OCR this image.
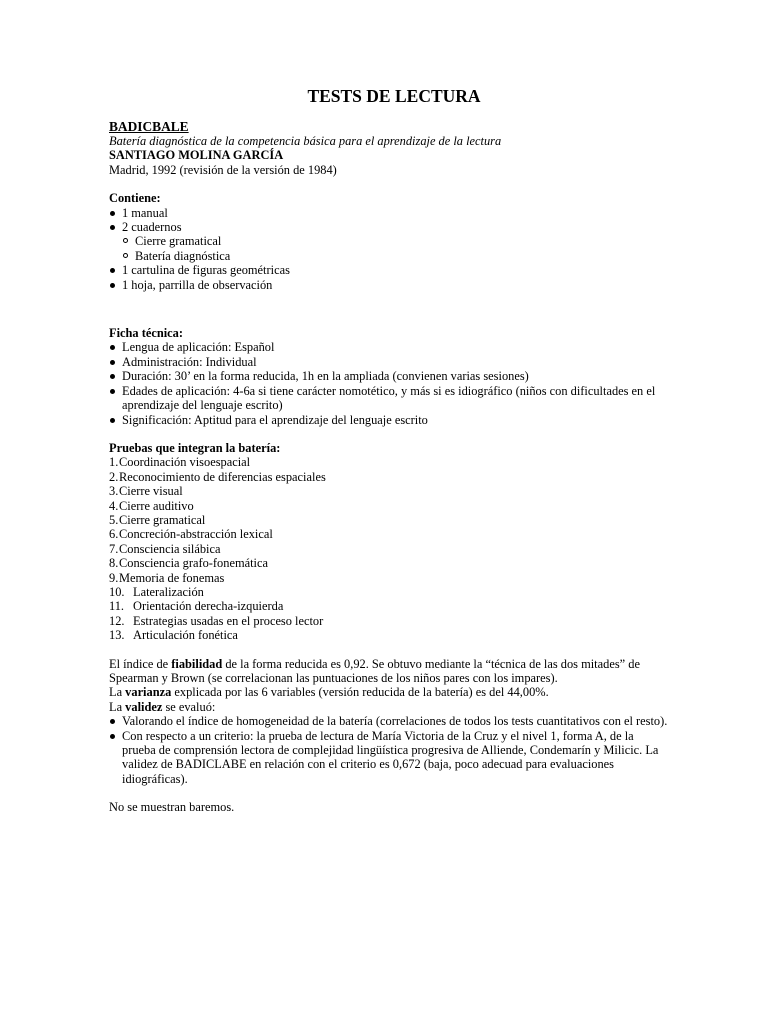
TESTS DE LECTURA
BADICBALE
Batería diagnóstica de la competencia básica para el aprendizaje de la lectura
SANTIAGO MOLINA GARCÍA
Madrid, 1992 (revisión de la versión de 1984)
Contiene:
1 manual
2 cuadernos
Cierre gramatical
Batería diagnóstica
1 cartulina de figuras geométricas
1 hoja, parrilla de observación
Ficha técnica:
Lengua de aplicación: Español
Administración: Individual
Duración: 30’ en la forma reducida, 1h en la ampliada (convienen varias sesiones)
Edades de aplicación: 4-6a si tiene carácter nomotético, y más si es idiográfico (niños con dificultades en el aprendizaje del lenguaje escrito)
Significación: Aptitud para el aprendizaje del lenguaje escrito
Pruebas que integran la batería:
1. Coordinación visoespacial
2. Reconocimiento de diferencias espaciales
3. Cierre visual
4. Cierre auditivo
5. Cierre gramatical
6. Concreción-abstracción lexical
7. Consciencia silábica
8. Consciencia grafo-fonemática
9. Memoria de fonemas
10. Lateralización
11. Orientación derecha-izquierda
12. Estrategias usadas en el proceso lector
13. Articulación fonética

El índice de fiabilidad de la forma reducida es 0,92. Se obtuvo mediante la “técnica de las dos mitades” de Spearman y Brown (se correlacionan las puntuaciones de los niños pares con los impares).

La varianza explicada por las 6 variables (versión reducida de la batería) es del 44,00%.

La validez se evaluó:

Valorando el índice de homogeneidad de la batería (correlaciones de todos los tests cuantitativos con el resto).
Con respecto a un criterio: la prueba de lectura de María Victoria de la Cruz y el nivel 1, forma A, de la prueba de comprensión lectora de complejidad lingüística progresiva de Alliende, Condemarín y Milicic. La validez de BADICLABE en relación con el criterio es 0,672 (baja, poco adecuad para evaluaciones idiográficas).

No se muestran baremos.
